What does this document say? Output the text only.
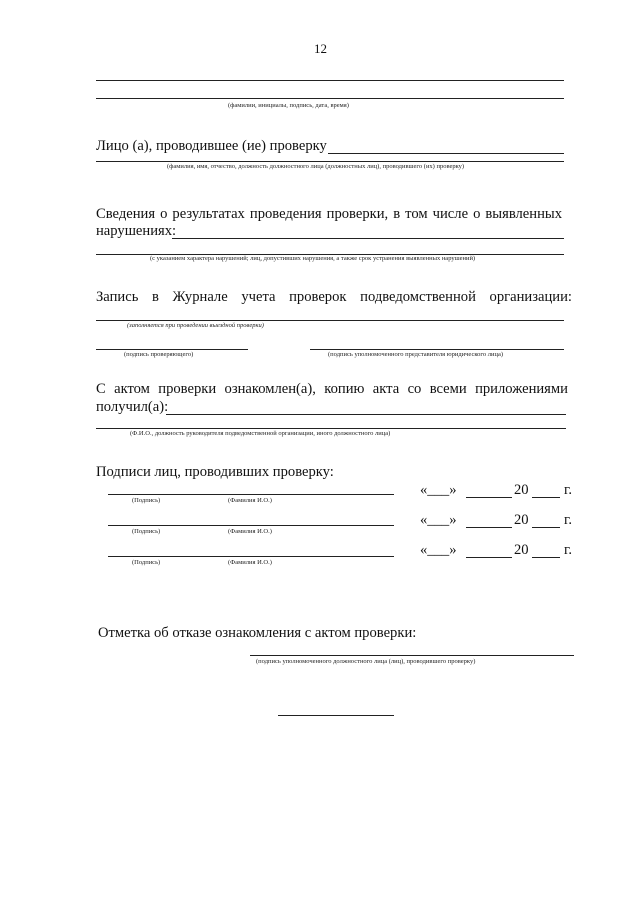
12
(фамилии, инициалы, подпись, дата, время)
Лицо (а), проводившее (ие) проверку
(фамилия, имя, отчество, должность должностного лица (должностных лиц), проводившего (их) проверку)
Сведения о результатах проведения проверки, в том числе о выявленных
нарушениях:
(с указанием характера нарушений; лиц, допустивших нарушения, а также срок устранения выявленных нарушений)
Запись в Журнале учета проверок подведомственной организации:
(заполняется при проведении выездной проверки)
(подпись проверяющего)	(подпись уполномоченного представителя юридического лица)
С актом проверки ознакомлен(а), копию акта со всеми приложениями
получил(а):
(Ф.И.О., должность руководителя подведомственной организации, иного должностного лица)
Подписи лиц, проводивших проверку:
(Подпись)	(Фамилия И.О.)
«___»	20 г.
(Подпись)	(Фамилия И.О.)
«___»	20 г.
(Подпись)	(Фамилия И.О.)
«___»	20 г.
Отметка об отказе ознакомления с актом проверки:
(подпись уполномоченного должностного лица (лиц), проводившего проверку)
